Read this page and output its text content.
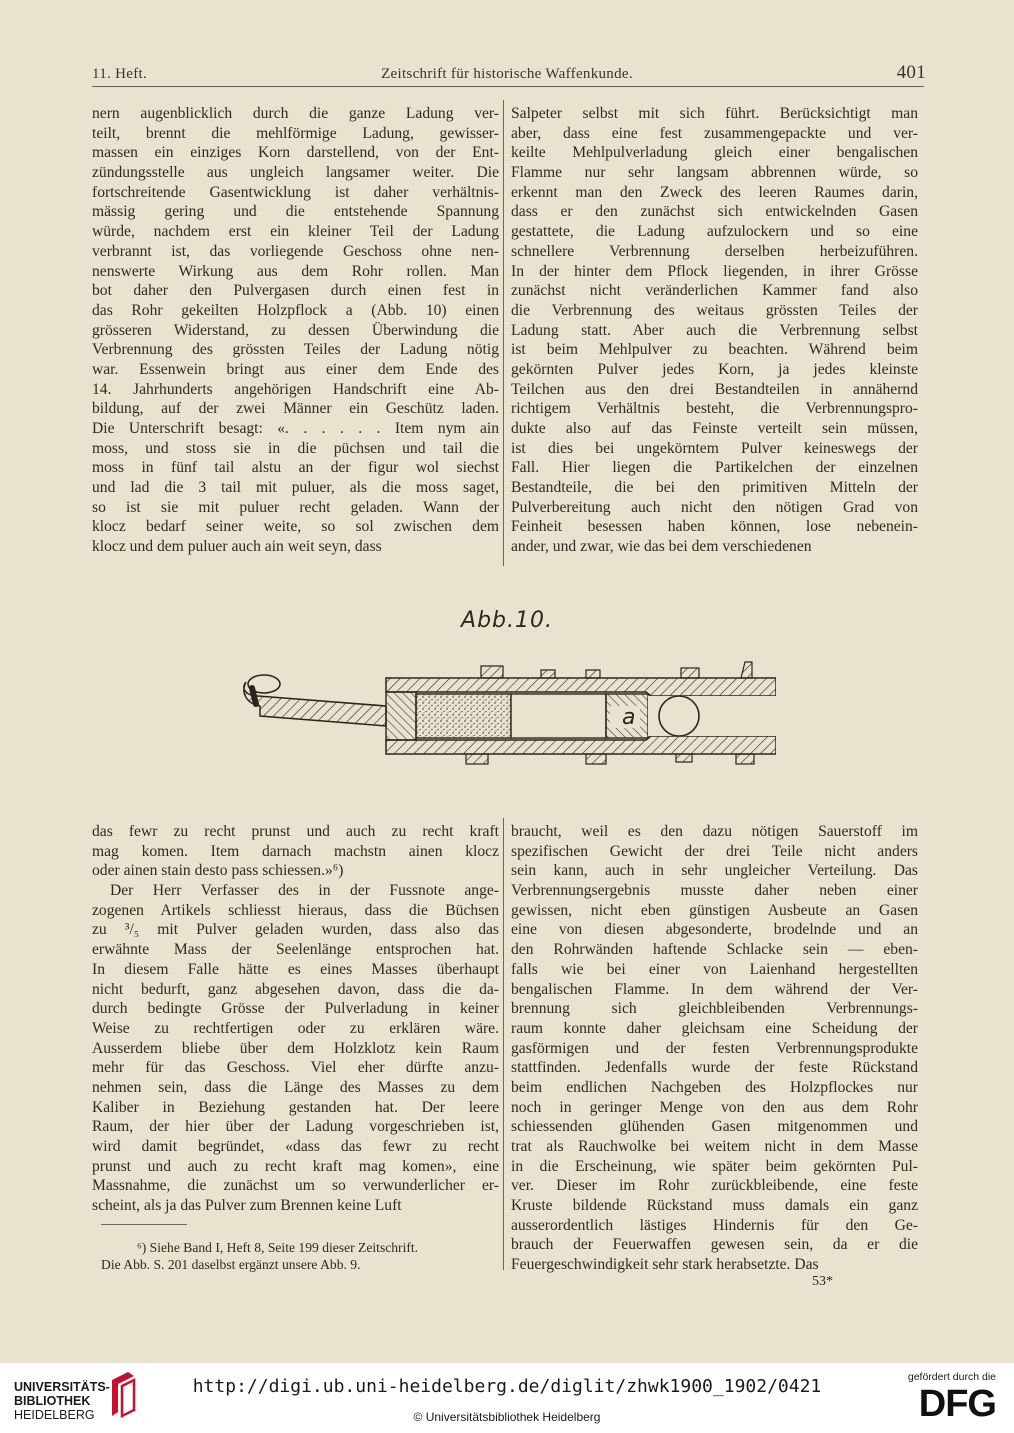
11. Heft.	Zeitschrift für historische Waffenkunde.	401
nern augenblicklich durch die ganze Ladung ver-
teilt, brennt die mehlförmige Ladung, gewisser-
massen ein einziges Korn darstellend, von der Ent-
zündungsstelle aus ungleich langsamer weiter. Die
fortschreitende Gasentwicklung ist daher verhältnis-
mässig gering und die entstehende Spannung
würde, nachdem erst ein kleiner Teil der Ladung
verbrannt ist, das vorliegende Geschoss ohne nen-
nenswerte Wirkung aus dem Rohr rollen. Man
bot daher den Pulvergasen durch einen fest in
das Rohr gekeilten Holzpflock a (Abb. 10) einen
grösseren Widerstand, zu dessen Überwindung die
Verbrennung des grössten Teiles der Ladung nötig
war. Essenwein bringt aus einer dem Ende des
14. Jahrhunderts angehörigen Handschrift eine Ab-
bildung, auf der zwei Männer ein Geschütz laden.
Die Unterschrift besagt: «. . . . . . Item nym ain
moss, und stoss sie in die püchsen und tail die
moss in fünf tail alstu an der figur wol siechst
und lad die 3 tail mit puluer, als die moss saget,
so ist sie mit puluer recht geladen. Wann der
klocz bedarf seiner weite, so sol zwischen dem
klocz und dem puluer auch ain weit seyn, dass
Salpeter selbst mit sich führt. Berücksichtigt man
aber, dass eine fest zusammengepackte und ver-
keilte Mehlpulverladung gleich einer bengalischen
Flamme nur sehr langsam abbrennen würde, so
erkennt man den Zweck des leeren Raumes darin,
dass er den zunächst sich entwickelnden Gasen
gestattete, die Ladung aufzulockern und so eine
schnellere Verbrennung derselben herbeizuführen.
In der hinter dem Pflock liegenden, in ihrer Grösse
zunächst nicht veränderlichen Kammer fand also
die Verbrennung des weitaus grössten Teiles der
Ladung statt. Aber auch die Verbrennung selbst
ist beim Mehlpulver zu beachten. Während beim
gekörnten Pulver jedes Korn, ja jedes kleinste
Teilchen aus den drei Bestandteilen in annähernd
richtigem Verhältnis besteht, die Verbrennungspro-
dukte also auf das Feinste verteilt sein müssen,
ist dies bei ungekörntem Pulver keineswegs der
Fall. Hier liegen die Partikelchen der einzelnen
Bestandteile, die bei den primitiven Mitteln der
Pulverbereitung auch nicht den nötigen Grad von
Feinheit besessen haben können, lose nebenein-
ander, und zwar, wie das bei dem verschiedenen
Abb.10.
a
das fewr zu recht prunst und auch zu recht kraft
mag komen. Item darnach machstn ainen klocz
oder ainen stain desto pass schiessen.»⁶)
Der Herr Verfasser des in der Fussnote ange-
zogenen Artikels schliesst hieraus, dass die Büchsen
zu ³/₅ mit Pulver geladen wurden, dass also das
erwähnte Mass der Seelenlänge entsprochen hat.
In diesem Falle hätte es eines Masses überhaupt
nicht bedurft, ganz abgesehen davon, dass die da-
durch bedingte Grösse der Pulverladung in keiner
Weise zu rechtfertigen oder zu erklären wäre.
Ausserdem bliebe über dem Holzklotz kein Raum
mehr für das Geschoss. Viel eher dürfte anzu-
nehmen sein, dass die Länge des Masses zu dem
Kaliber in Beziehung gestanden hat. Der leere
Raum, der hier über der Ladung vorgeschrieben ist,
wird damit begründet, «dass das fewr zu recht
prunst und auch zu recht kraft mag komen», eine
Massnahme, die zunächst um so verwunderlicher er-
scheint, als ja das Pulver zum Brennen keine Luft
braucht, weil es den dazu nötigen Sauerstoff im
spezifischen Gewicht der drei Teile nicht anders
sein kann, auch in sehr ungleicher Verteilung. Das
Verbrennungsergebnis musste daher neben einer
gewissen, nicht eben günstigen Ausbeute an Gasen
eine von diesen abgesonderte, brodelnde und an
den Rohrwänden haftende Schlacke sein — eben-
falls wie bei einer von Laienhand hergestellten
bengalischen Flamme. In dem während der Ver-
brennung sich gleichbleibenden Verbrennungs-
raum konnte daher gleichsam eine Scheidung der
gasförmigen und der festen Verbrennungsprodukte
stattfinden. Jedenfalls wurde der feste Rückstand
beim endlichen Nachgeben des Holzpflockes nur
noch in geringer Menge von den aus dem Rohr
schiessenden glühenden Gasen mitgenommen und
trat als Rauchwolke bei weitem nicht in dem Masse
in die Erscheinung, wie später beim gekörnten Pul-
ver. Dieser im Rohr zurückbleibende, eine feste
Kruste bildende Rückstand muss damals ein ganz
ausserordentlich lästiges Hindernis für den Ge-
brauch der Feuerwaffen gewesen sein, da er die
Feuergeschwindigkeit sehr stark herabsetzte. Das
⁶) Siehe Band I, Heft 8, Seite 199 dieser Zeitschrift.
Die Abb. S. 201 daselbst ergänzt unsere Abb. 9.
53*
UNIVERSITÄTS-
BIBLIOTHEK
HEIDELBERG
http://digi.ub.uni-heidelberg.de/diglit/zhwk1900_1902/0421
© Universitätsbibliothek Heidelberg
gefördert durch die
DFG
